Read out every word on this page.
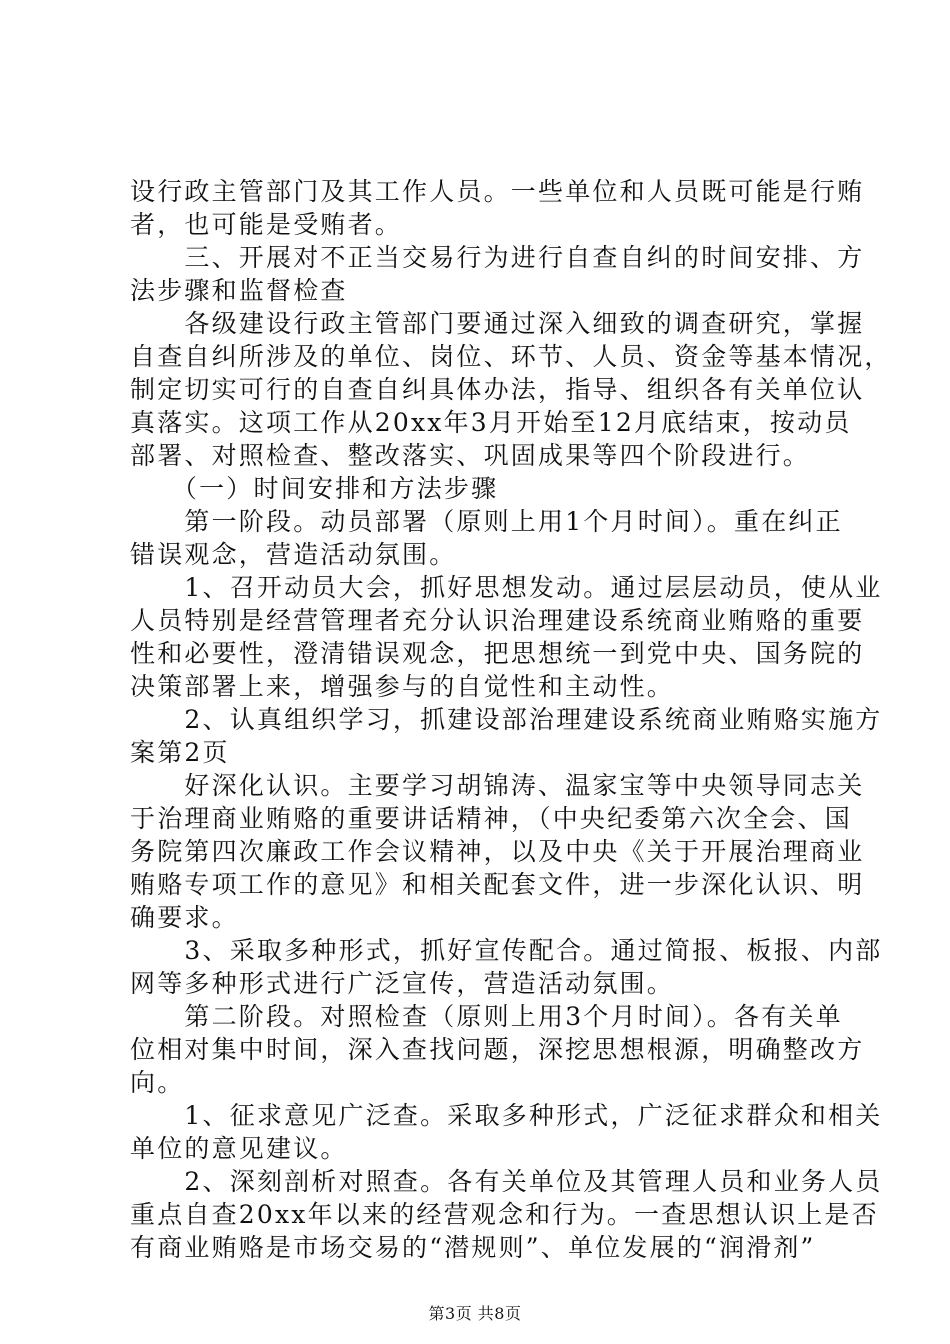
设行政主管部门及其工作人员。一些单位和人员既可能是行贿
者，也可能是受贿者。
　　三、开展对不正当交易行为进行自查自纠的时间安排、方
法步骤和监督检查
　　各级建设行政主管部门要通过深入细致的调查研究，掌握
自查自纠所涉及的单位、岗位、环节、人员、资金等基本情况，
制定切实可行的自查自纠具体办法，指导、组织各有关单位认
真落实。这项工作从20xx年3月开始至12月底结束，按动员
部署、对照检查、整改落实、巩固成果等四个阶段进行。
　　（一）时间安排和方法步骤
　　第一阶段。动员部署（原则上用1个月时间）。重在纠正
错误观念，营造活动氛围。
　　1、召开动员大会，抓好思想发动。通过层层动员，使从业
人员特别是经营管理者充分认识治理建设系统商业贿赂的重要
性和必要性，澄清错误观念，把思想统一到党中央、国务院的
决策部署上来，增强参与的自觉性和主动性。
　　2、认真组织学习，抓建设部治理建设系统商业贿赂实施方
案第2页
　　好深化认识。主要学习胡锦涛、温家宝等中央领导同志关
于治理商业贿赂的重要讲话精神，（中央纪委第六次全会、国
务院第四次廉政工作会议精神，以及中央《关于开展治理商业
贿赂专项工作的意见》和相关配套文件，进一步深化认识、明
确要求。
　　3、采取多种形式，抓好宣传配合。通过简报、板报、内部
网等多种形式进行广泛宣传，营造活动氛围。
　　第二阶段。对照检查（原则上用3个月时间）。各有关单
位相对集中时间，深入查找问题，深挖思想根源，明确整改方
向。
　　1、征求意见广泛查。采取多种形式，广泛征求群众和相关
单位的意见建议。
　　2、深刻剖析对照查。各有关单位及其管理人员和业务人员
重点自查20xx年以来的经营观念和行为。一查思想认识上是否
有商业贿赂是市场交易的“潜规则”、单位发展的“润滑剂”
第3页 共8页
